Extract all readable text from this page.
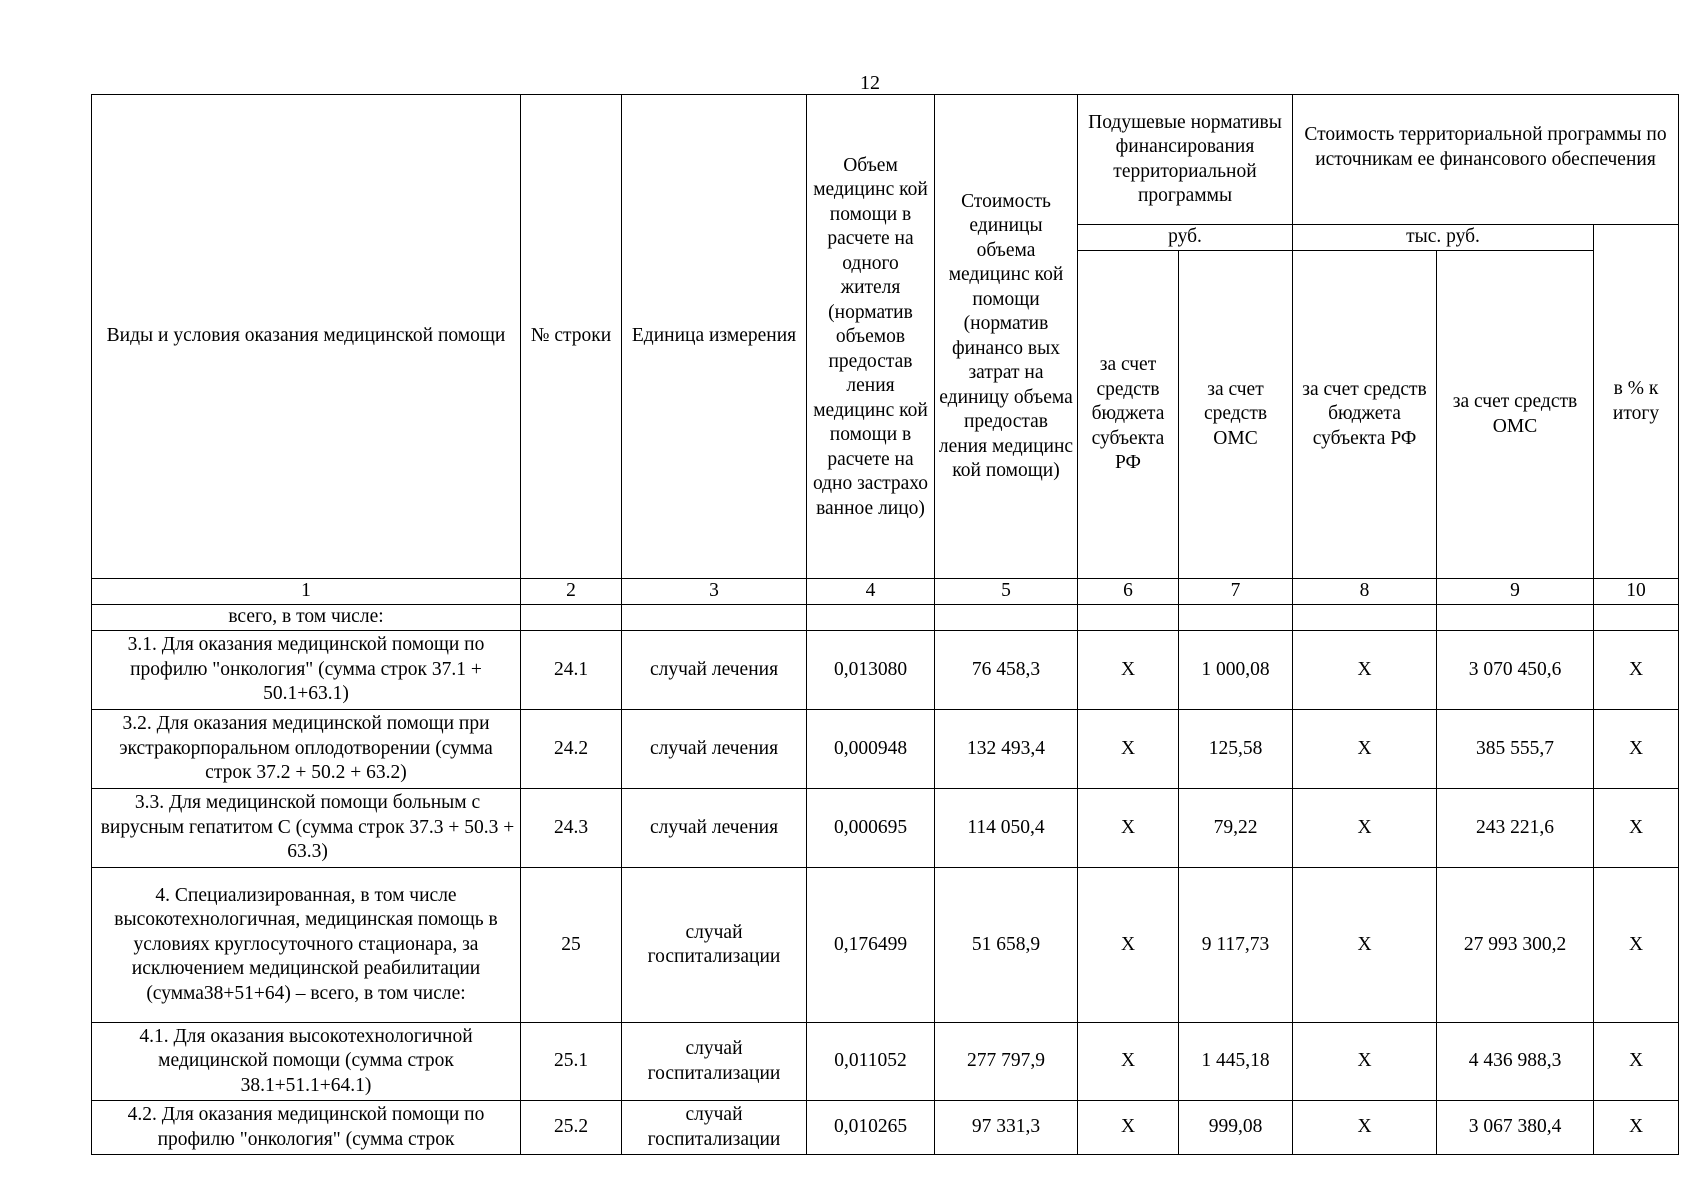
12
Виды и условия оказания медицинской помощи	№ строки	Единица измерения	Объем медицинс кой помощи в расчете на одного жителя (норматив объемов предостав ления медицинс кой помощи в расчете на одно застрахо ванное лицо)	Стоимость единицы объема медицинс кой помощи (норматив финансо вых затрат на единицу объема предостав ления медицинс кой помощи)	Подушевые нормативы финансирования территориальной программы		Стоимость территориальной программы по источникам ее финансового обеспечения		
					руб.		тыс. руб.		в % к итогу
					за счет средств бюджета субъекта РФ	за счет средств ОМС	за счет средств бюджета субъекта РФ	за счет средств ОМС	
1	2	3	4	5	6	7	8	9	10
всего, в том числе:									
3.1. Для оказания медицинской помощи по профилю "онкология" (сумма строк 37.1 + 50.1+63.1)	24.1	случай лечения	0,013080	76 458,3	Х	1 000,08	Х	3 070 450,6	Х
3.2. Для оказания медицинской помощи при экстракорпоральном оплодотворении (сумма строк 37.2 + 50.2 + 63.2)	24.2	случай лечения	0,000948	132 493,4	Х	125,58	Х	385 555,7	Х
3.3. Для медицинской помощи больным с вирусным гепатитом С (сумма строк 37.3 + 50.3 + 63.3)	24.3	случай лечения	0,000695	114 050,4	Х	79,22	Х	243 221,6	Х
4. Специализированная, в том числе высокотехнологичная, медицинская помощь в условиях круглосуточного стационара, за исключением медицинской реабилитации (сумма38+51+64) – всего, в том числе:	25	случай госпитализации	0,176499	51 658,9	Х	9 117,73	Х	27 993 300,2	Х
4.1. Для оказания высокотехнологичной медицинской помощи (сумма строк 38.1+51.1+64.1)	25.1	случай госпитализации	0,011052	277 797,9	Х	1 445,18	Х	4 436 988,3	Х
4.2. Для оказания медицинской помощи по профилю "онкология" (сумма строк	25.2	случай госпитализации	0,010265	97 331,3	Х	999,08	Х	3 067 380,4	Х
